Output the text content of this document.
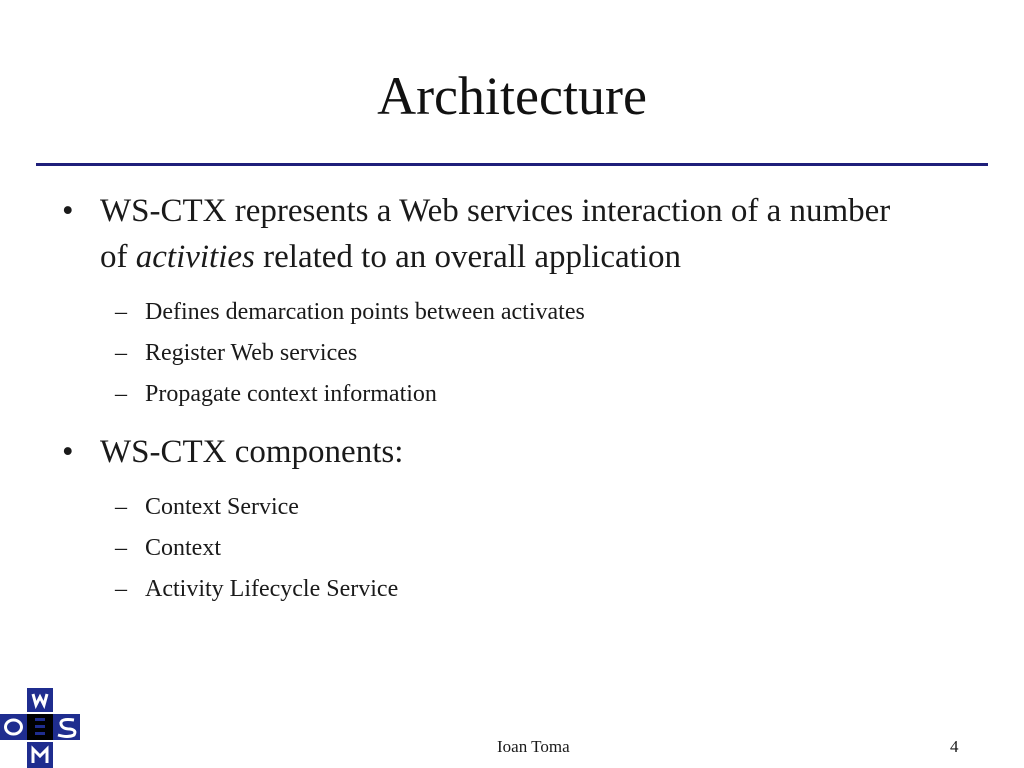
Architecture
• WS-CTX represents a Web services interaction of a number of activities related to an overall application
– Defines demarcation points between activates
– Register Web services
– Propagate context information
• WS-CTX components:
– Context Service
– Context
– Activity Lifecycle Service
Ioan Toma	4
